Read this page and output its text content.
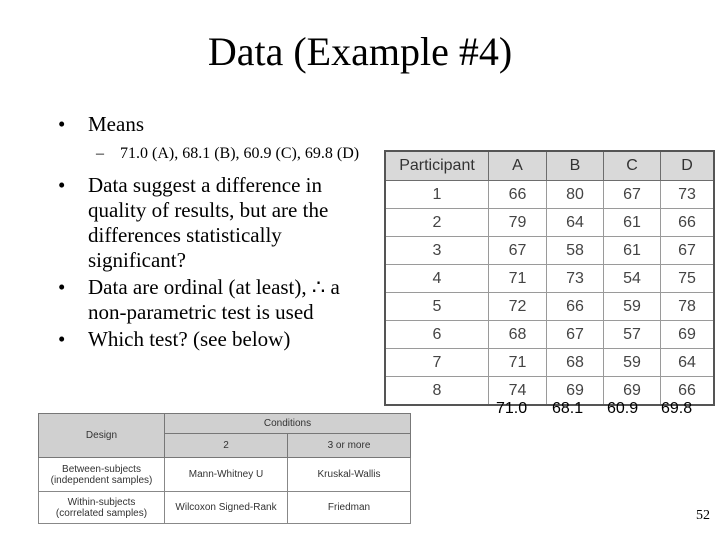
Data (Example #4)
• Means
– 71.0 (A), 68.1 (B), 60.9 (C), 69.8 (D)
• Data suggest a difference in quality of results, but are the differences statistically significant?
• Data are ordinal (at least), ∴ a non-parametric test is used
• Which test? (see below)
Participant	A	B	C	D
1	66	80	67	73
2	79	64	61	66
3	67	58	61	67
4	71	73	54	75
5	72	66	59	78
6	68	67	57	69
7	71	68	59	64
8	74	69	69	66
71.0 68.1 60.9 69.8
Design	Conditions	
	2	3 or more
Between-subjects
(independent samples)	Mann-Whitney U	Kruskal-Wallis
Within-subjects
(correlated samples)	Wilcoxon Signed-Rank	Friedman
52
